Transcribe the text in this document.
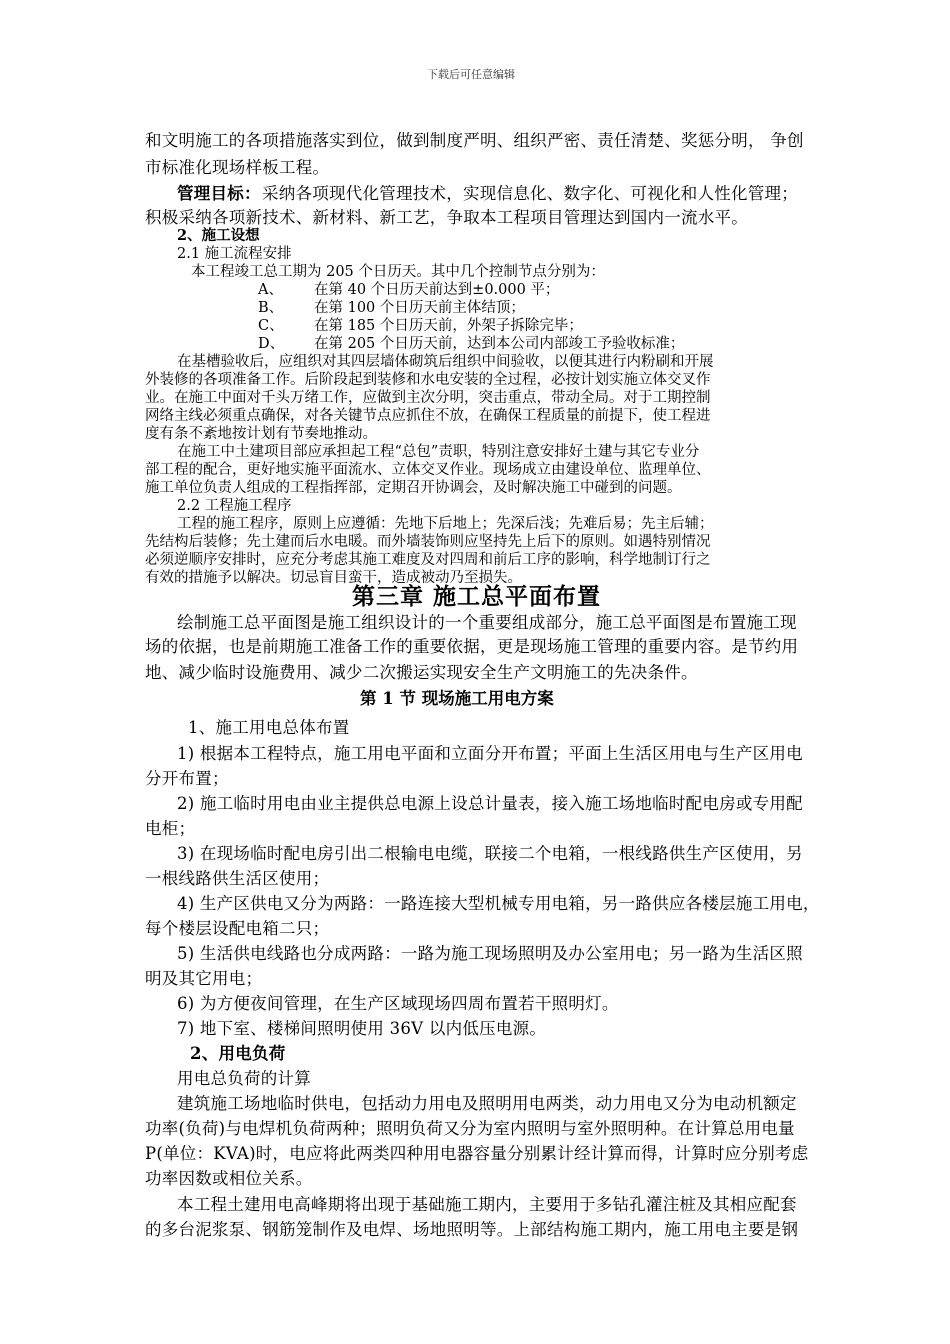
下载后可任意编辑

和文明施工的各项措施落实到位，做到制度严明、组织严密、责任清楚、奖惩分明， 争创

市标准化现场样板工程。

管理目标： 采纳各项现代化管理技术，实现信息化、数字化、可视化和人性化管理；

积极采纳各项新技术、新材料、新工艺，争取本工程项目管理达到国内一流水平。

2、施工设想

2.1 施工流程安排

本工程竣工总工期为 205 个日历天。其中几个控制节点分别为：

A、 在第 40 个日历天前达到±0.000 平；

B、 在第 100 个日历天前主体结顶；

C、 在第 185 个日历天前，外架子拆除完毕；

D、 在第 205 个日历天前，达到本公司内部竣工予验收标准；

在基槽验收后，应组织对其四层墙体砌筑后组织中间验收，以便其进行内粉刷和开展

外装修的各项准备工作。后阶段起到装修和水电安装的全过程，必按计划实施立体交叉作

业。在施工中面对千头万绪工作，应做到主次分明，突击重点，带动全局。对于工期控制

网络主线必须重点确保，对各关键节点应抓住不放，在确保工程质量的前提下，使工程进

度有条不紊地按计划有节奏地推动。

在施工中土建项目部应承担起工程“总包”责职，特别注意安排好土建与其它专业分

部工程的配合，更好地实施平面流水、立体交叉作业。现场成立由建设单位、监理单位、

施工单位负责人组成的工程指挥部，定期召开协调会，及时解决施工中碰到的问题。

2.2 工程施工程序

工程的施工程序，原则上应遵循：先地下后地上；先深后浅；先难后易；先主后辅；

先结构后装修；先土建而后水电暖。而外墙装饰则应坚持先上后下的原则。如遇特别情况

必须逆顺序安排时，应充分考虑其施工难度及对四周和前后工序的影响，科学地制订行之

有效的措施予以解决。切忌盲目蛮干，造成被动乃至损失。

第三章 施工总平面布置

绘制施工总平面图是施工组织设计的一个重要组成部分，施工总平面图是布置施工现

场的依据，也是前期施工准备工作的重要依据，更是现场施工管理的重要内容。是节约用

地、减少临时设施费用、减少二次搬运实现安全生产文明施工的先决条件。

第 1 节 现场施工用电方案

1、施工用电总体布置

1) 根据本工程特点，施工用电平面和立面分开布置；平面上生活区用电与生产区用电

分开布置；

2) 施工临时用电由业主提供总电源上设总计量表，接入施工场地临时配电房或专用配

电柜；

3) 在现场临时配电房引出二根输电电缆，联接二个电箱，一根线路供生产区使用，另

一根线路供生活区使用；

4) 生产区供电又分为两路：一路连接大型机械专用电箱，另一路供应各楼层施工用电，

每个楼层设配电箱二只；

5) 生活供电线路也分成两路：一路为施工现场照明及办公室用电；另一路为生活区照

明及其它用电；

6) 为方便夜间管理，在生产区域现场四周布置若干照明灯。

7) 地下室、楼梯间照明使用 36V 以内低压电源。

2、用电负荷

用电总负荷的计算

建筑施工场地临时供电，包括动力用电及照明用电两类，动力用电又分为电动机额定

功率(负荷)与电焊机负荷两种；照明负荷又分为室内照明与室外照明种。在计算总用电量

P(单位：KVA)时，电应将此两类四种用电器容量分别累计经计算而得，计算时应分别考虑

功率因数或相位关系。

本工程土建用电高峰期将出现于基础施工期内，主要用于多钻孔灌注桩及其相应配套

的多台泥浆泵、钢筋笼制作及电焊、场地照明等。上部结构施工期内，施工用电主要是钢
